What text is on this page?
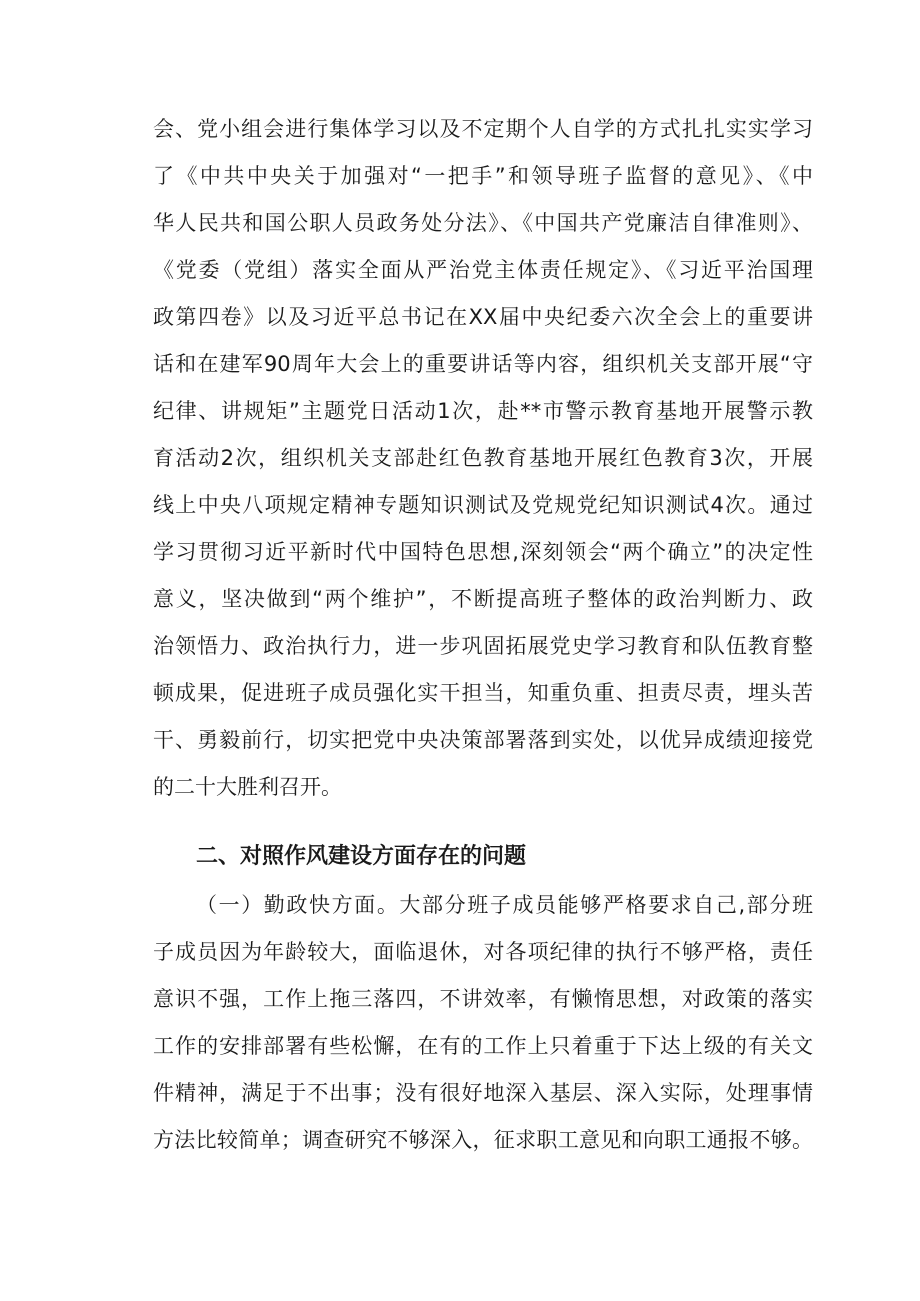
会、党小组会进行集体学习以及不定期个人自学的方式扎扎实实学习
了《中共中央关于加强对“一把手”和领导班子监督的意见》、《中
华人民共和国公职人员政务处分法》、《中国共产党廉洁自律准则》、
《党委（党组）落实全面从严治党主体责任规定》、《习近平治国理
政第四卷》以及习近平总书记在XX届中央纪委六次全会上的重要讲
话和在建军90周年大会上的重要讲话等内容，组织机关支部开展“守
纪律、讲规矩”主题党日活动1次，赴**市警示教育基地开展警示教
育活动2次，组织机关支部赴红色教育基地开展红色教育3次，开展
线上中央八项规定精神专题知识测试及党规党纪知识测试4次。通过
学习贯彻习近平新时代中国特色思想,深刻领会“两个确立”的决定性
意义，坚决做到“两个维护”，不断提高班子整体的政治判断力、政
治领悟力、政治执行力，进一步巩固拓展党史学习教育和队伍教育整
顿成果，促进班子成员强化实干担当，知重负重、担责尽责，埋头苦
干、勇毅前行，切实把党中央决策部署落到实处，以优异成绩迎接党
的二十大胜利召开。
二、对照作风建设方面存在的问题
（一）勤政快方面。大部分班子成员能够严格要求自己,部分班
子成员因为年龄较大，面临退休，对各项纪律的执行不够严格，责任
意识不强，工作上拖三落四，不讲效率，有懒惰思想，对政策的落实
工作的安排部署有些松懈，在有的工作上只着重于下达上级的有关文
件精神，满足于不出事；没有很好地深入基层、深入实际，处理事情
方法比较简单；调查研究不够深入，征求职工意见和向职工通报不够。
